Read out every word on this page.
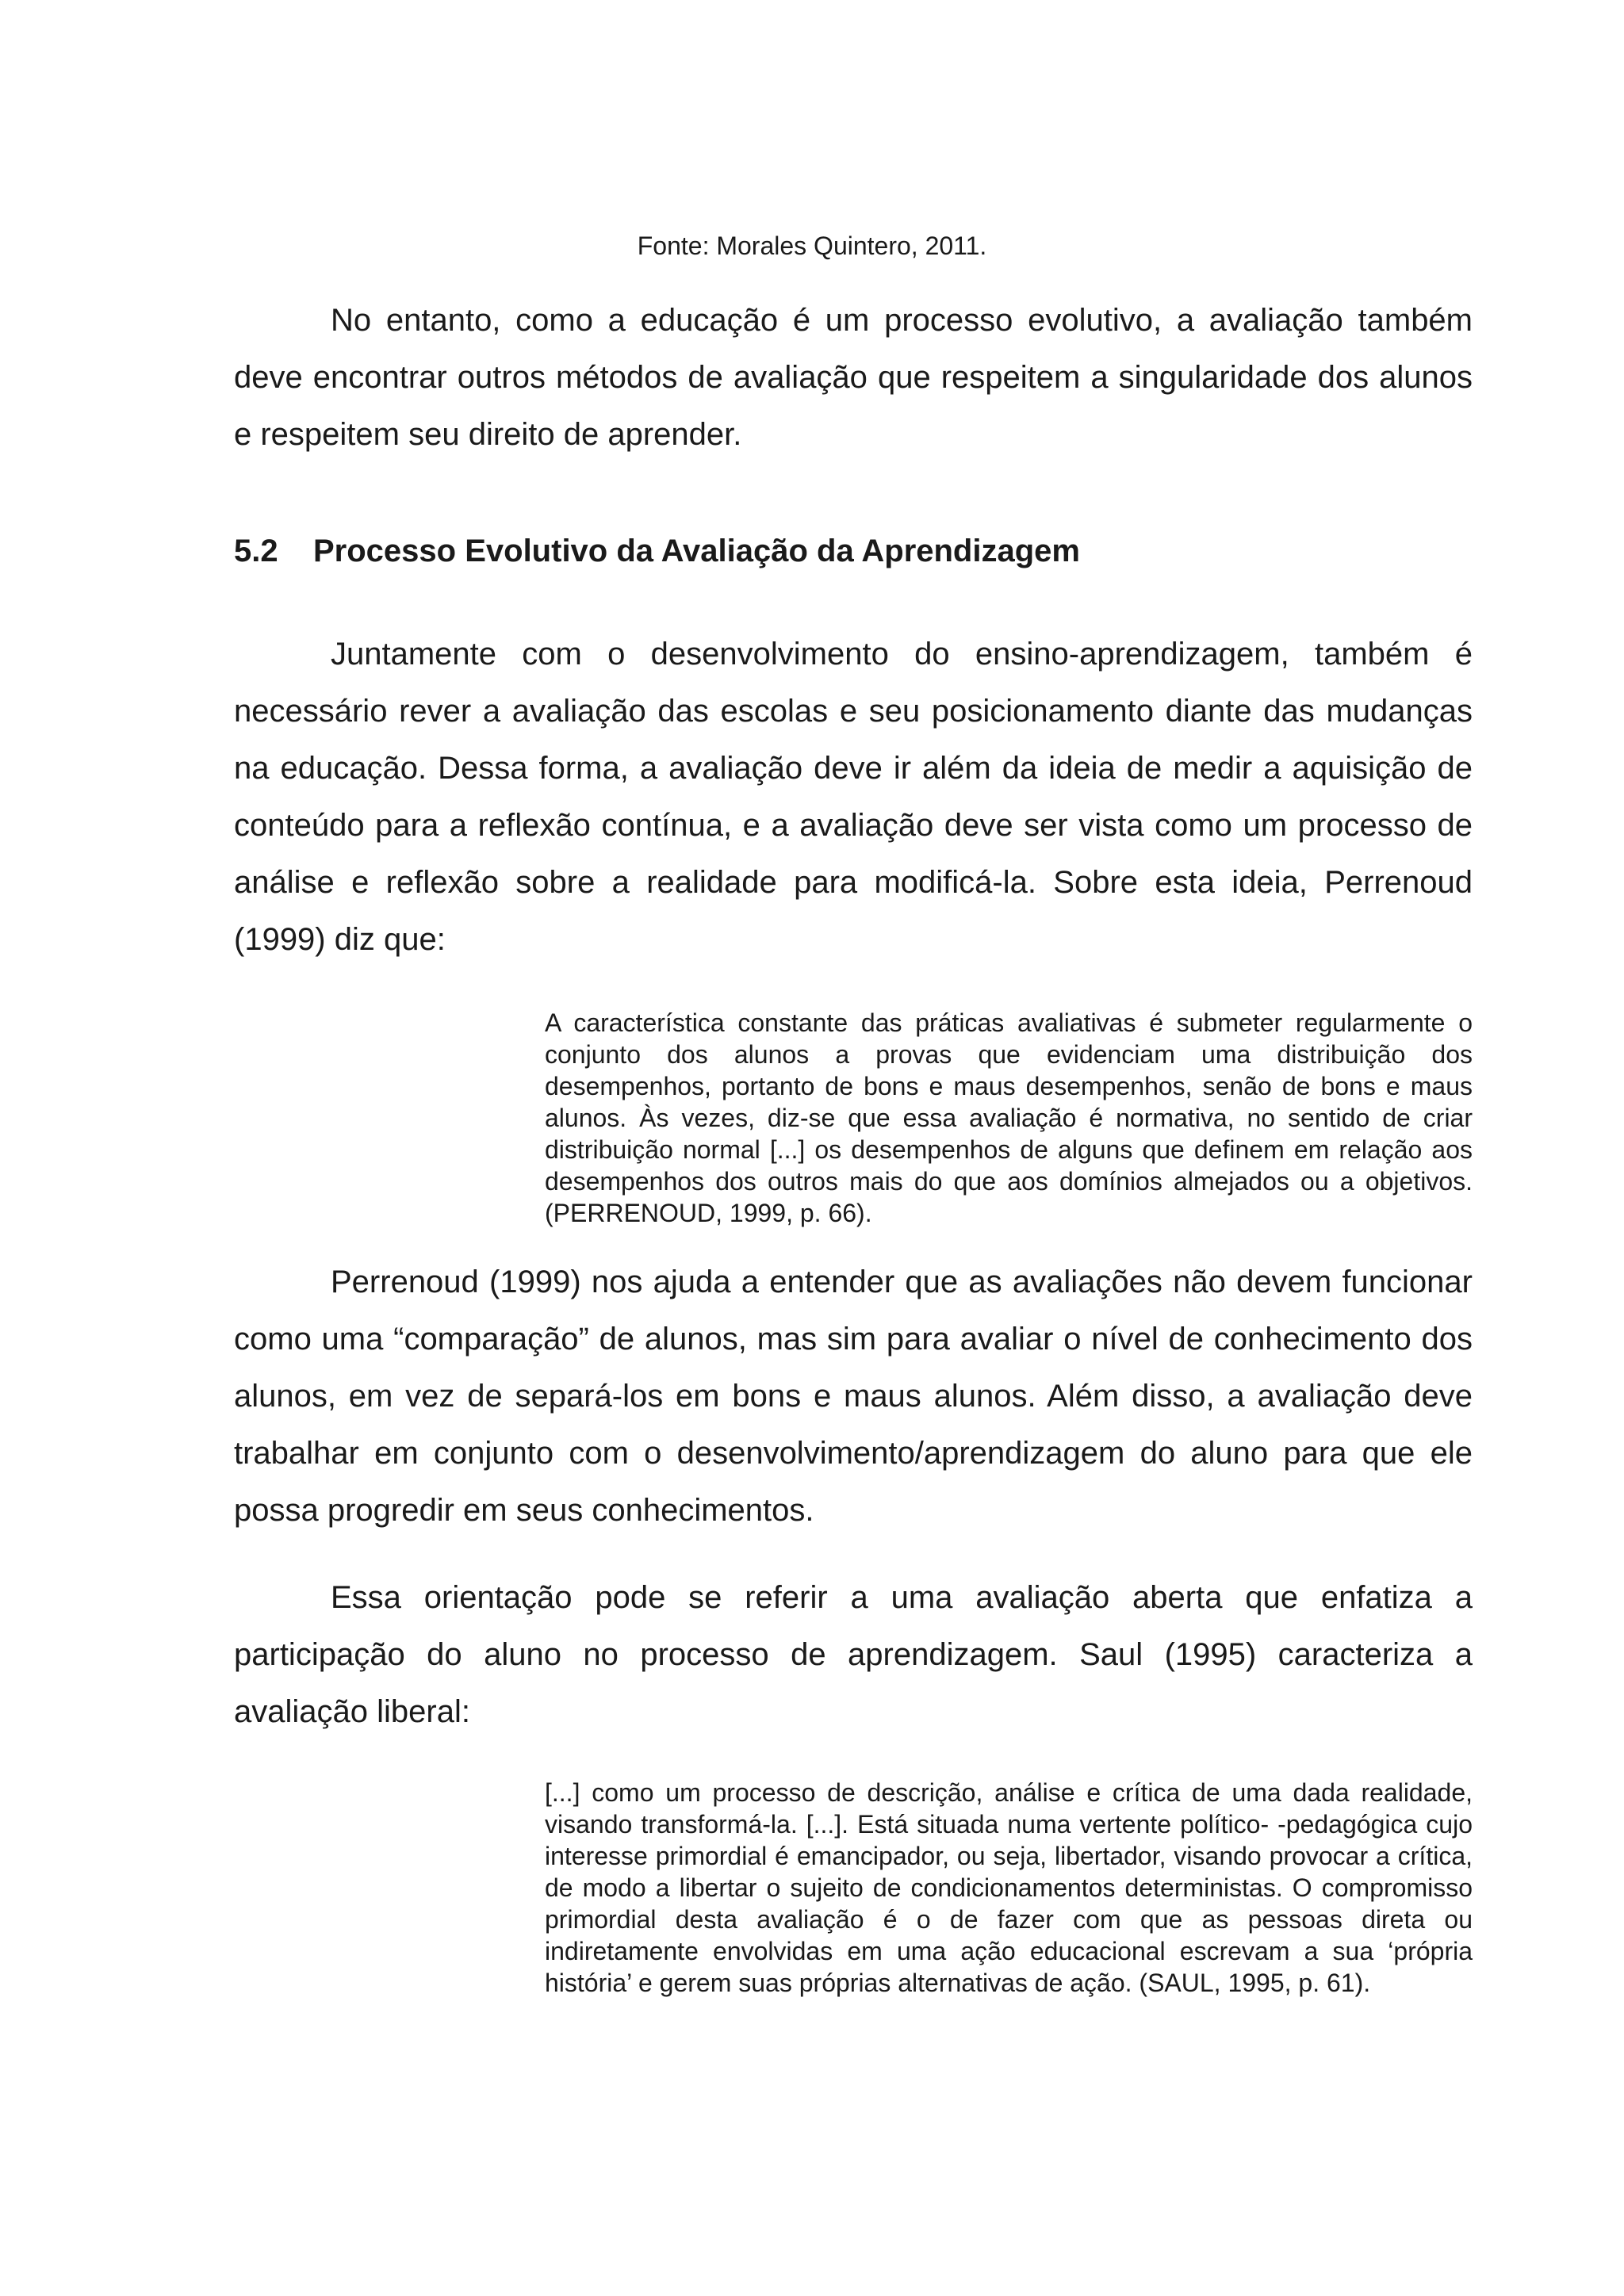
Fonte: Morales Quintero, 2011.

No entanto, como a educação é um processo evolutivo, a avaliação também deve encontrar outros métodos de avaliação que respeitem a singularidade dos alunos e respeitem seu direito de aprender.

5.2 Processo Evolutivo da Avaliação da Aprendizagem

Juntamente com o desenvolvimento do ensino-aprendizagem, também é necessário rever a avaliação das escolas e seu posicionamento diante das mudanças na educação. Dessa forma, a avaliação deve ir além da ideia de medir a aquisição de conteúdo para a reflexão contínua, e a avaliação deve ser vista como um processo de análise e reflexão sobre a realidade para modificá-la. Sobre esta ideia, Perrenoud (1999) diz que:

A característica constante das práticas avaliativas é submeter regularmente o conjunto dos alunos a provas que evidenciam uma distribuição dos desempenhos, portanto de bons e maus desempenhos, senão de bons e maus alunos. Às vezes, diz-se que essa avaliação é normativa, no sentido de criar distribuição normal [...] os desempenhos de alguns que definem em relação aos desempenhos dos outros mais do que aos domínios almejados ou a objetivos. (PERRENOUD, 1999, p. 66).

Perrenoud (1999) nos ajuda a entender que as avaliações não devem funcionar como uma “comparação” de alunos, mas sim para avaliar o nível de conhecimento dos alunos, em vez de separá-los em bons e maus alunos. Além disso, a avaliação deve trabalhar em conjunto com o desenvolvimento/aprendizagem do aluno para que ele possa progredir em seus conhecimentos.

Essa orientação pode se referir a uma avaliação aberta que enfatiza a participação do aluno no processo de aprendizagem. Saul (1995) caracteriza a avaliação liberal:

[...] como um processo de descrição, análise e crítica de uma dada realidade, visando transformá-la. [...]. Está situada numa vertente político- -pedagógica cujo interesse primordial é emancipador, ou seja, libertador, visando provocar a crítica, de modo a libertar o sujeito de condicionamentos deterministas. O compromisso primordial desta avaliação é o de fazer com que as pessoas direta ou indiretamente envolvidas em uma ação educacional escrevam a sua ‘própria história’ e gerem suas próprias alternativas de ação. (SAUL, 1995, p. 61).
